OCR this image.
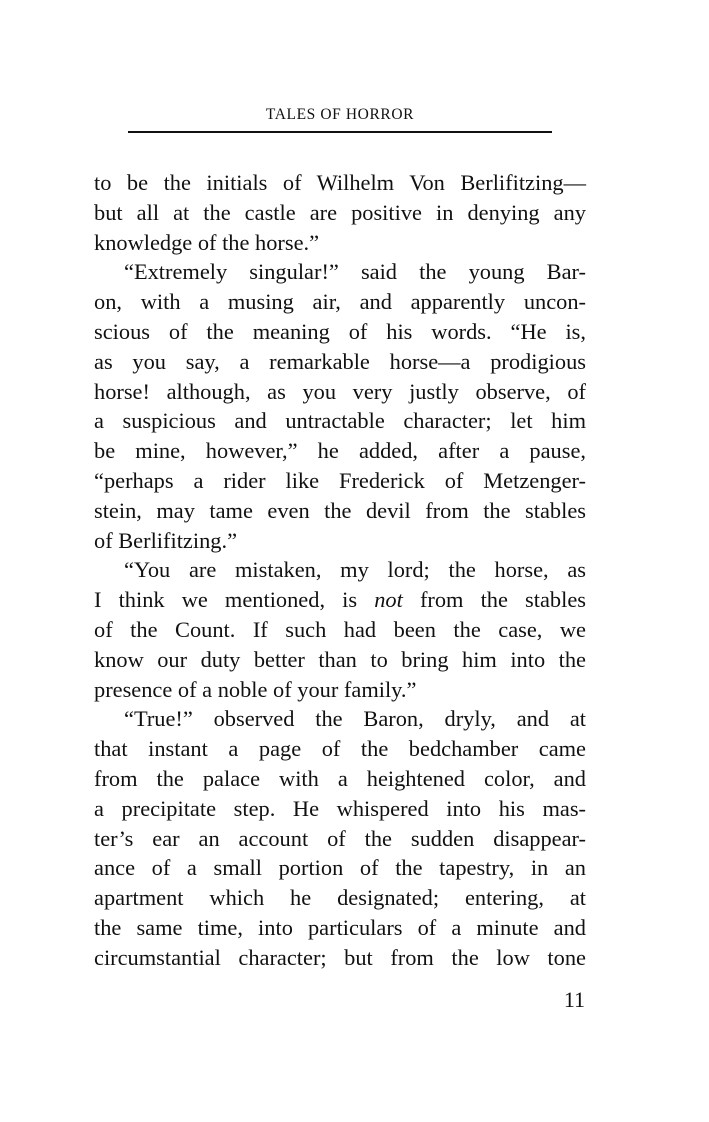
TALES OF HORROR
to be the initials of Wilhelm Von Berlifitzing—
but all at the castle are positive in denying any
knowledge of the horse.”
“Extremely singular!” said the young Bar-
on, with a musing air, and apparently uncon-
scious of the meaning of his words. “He is,
as you say, a remarkable horse—a prodigious
horse! although, as you very justly observe, of
a suspicious and untractable character; let him
be mine, however,” he added, after a pause,
“perhaps a rider like Frederick of Metzenger-
stein, may tame even the devil from the stables
of Berlifitzing.”
“You are mistaken, my lord; the horse, as
I think we mentioned, is not from the stables
of the Count. If such had been the case, we
know our duty better than to bring him into the
presence of a noble of your family.”
“True!” observed the Baron, dryly, and at
that instant a page of the bedchamber came
from the palace with a heightened color, and
a precipitate step. He whispered into his mas-
ter’s ear an account of the sudden disappear-
ance of a small portion of the tapestry, in an
apartment which he designated; entering, at
the same time, into particulars of a minute and
circumstantial character; but from the low tone
11
